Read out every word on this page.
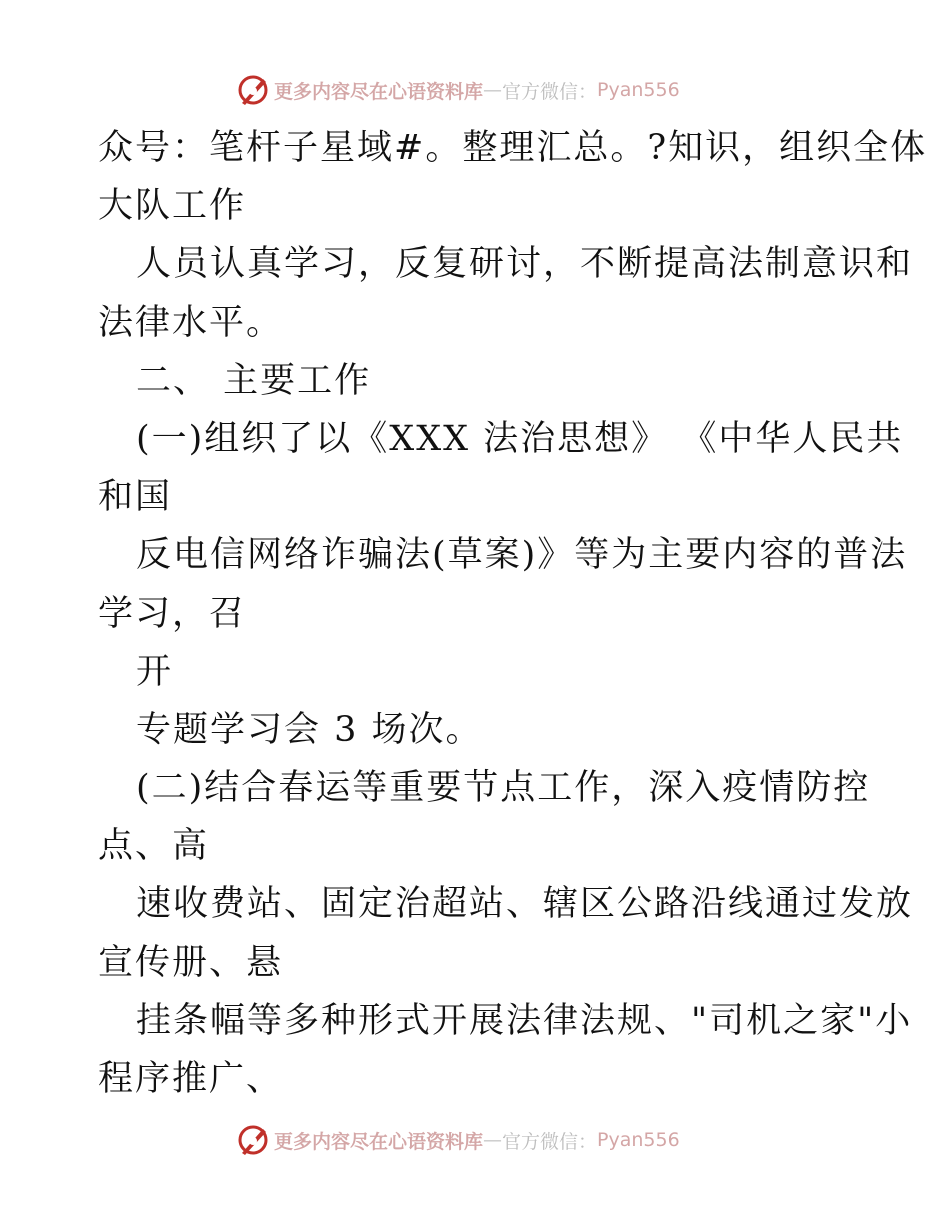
更多内容尽在心语资料库 — 官方微信： Pyan556
众号：笔杆子星域#。整理汇总。?知识，组织全体
大队工作
人员认真学习，反复研讨，不断提高法制意识和
法律水平。
二、 主要工作
(一)组织了以《XXX 法治思想》 《中华人民共
和国
反电信网络诈骗法(草案)》等为主要内容的普法
学习，召
开
专题学习会 3 场次。
(二)结合春运等重要节点工作，深入疫情防控
点、高
速收费站、固定治超站、辖区公路沿线通过发放
宣传册、悬
挂条幅等多种形式开展法律法规、"司机之家"小
程序推广、
更多内容尽在心语资料库 — 官方微信： Pyan556
